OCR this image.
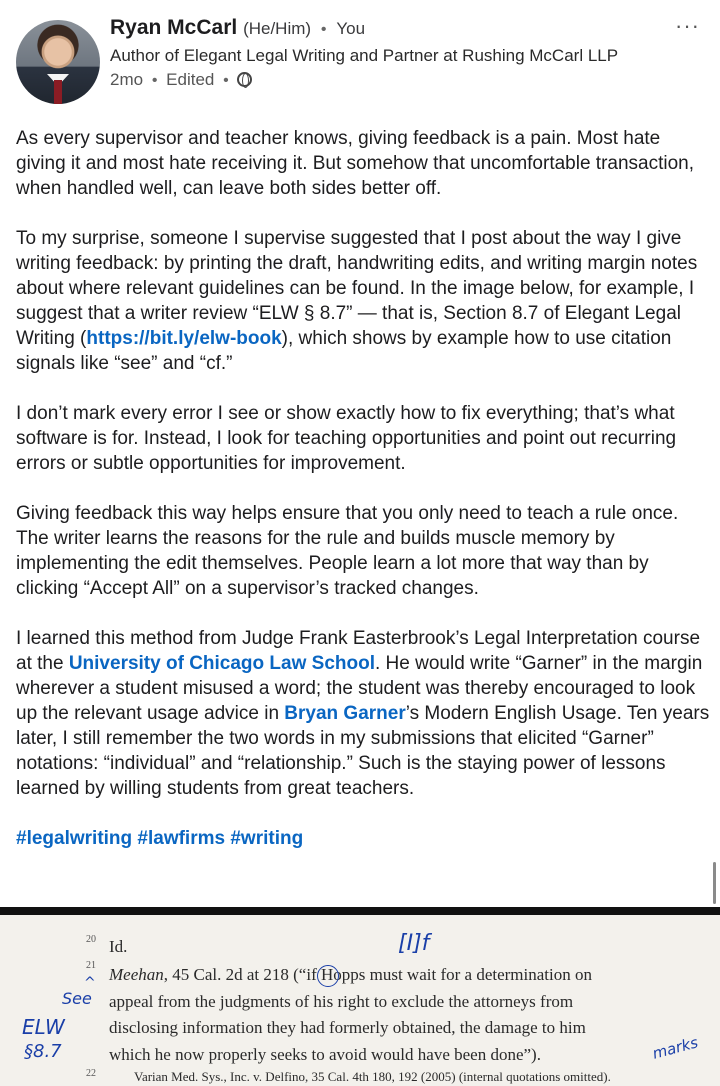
Ryan McCarl (He/Him) • You
Author of Elegant Legal Writing and Partner at Rushing McCarl LLP
2mo • Edited •
···

As every supervisor and teacher knows, giving feedback is a pain. Most hate giving it and most hate receiving it. But somehow that uncomfortable transaction, when handled well, can leave both sides better off.

To my surprise, someone I supervise suggested that I post about the way I give writing feedback: by printing the draft, handwriting edits, and writing margin notes about where relevant guidelines can be found. In the image below, for example, I suggest that a writer review “ELW § 8.7” — that is, Section 8.7 of Elegant Legal Writing (https://bit.ly/elw-book), which shows by example how to use citation signals like “see” and “cf.”

I don’t mark every error I see or show exactly how to fix everything; that’s what software is for. Instead, I look for teaching opportunities and point out recurring errors or subtle opportunities for improvement.

Giving feedback this way helps ensure that you only need to teach a rule once. The writer learns the reasons for the rule and builds muscle memory by implementing the edit themselves. People learn a lot more that way than by clicking “Accept All” on a supervisor’s tracked changes.

I learned this method from Judge Frank Easterbrook’s Legal Interpretation course at the University of Chicago Law School. He would write “Garner” in the margin wherever a student misused a word; the student was thereby encouraged to look up the relevant usage advice in Bryan Garner’s Modern English Usage. Ten years later, I still remember the two words in my submissions that elicited “Garner” notations: “individual” and “relationship.” Such is the staying power of lessons learned by willing students from great teachers.

#legalwriting #lawfirms #writing

20 Id.
21 Meehan, 45 Cal. 2d at 218 (“if Hopps must wait for a determination on
appeal from the judgments of his right to exclude the attorneys from
disclosing information they had formerly obtained, the damage to him
which he now properly seeks to avoid would have been done”).
22	Varian Med. Sys., Inc. v. Delfino, 35 Cal. 4th 180, 192 (2005) (internal quotations omitted).
[I]f
^
See
ELW
§8.7	marks
